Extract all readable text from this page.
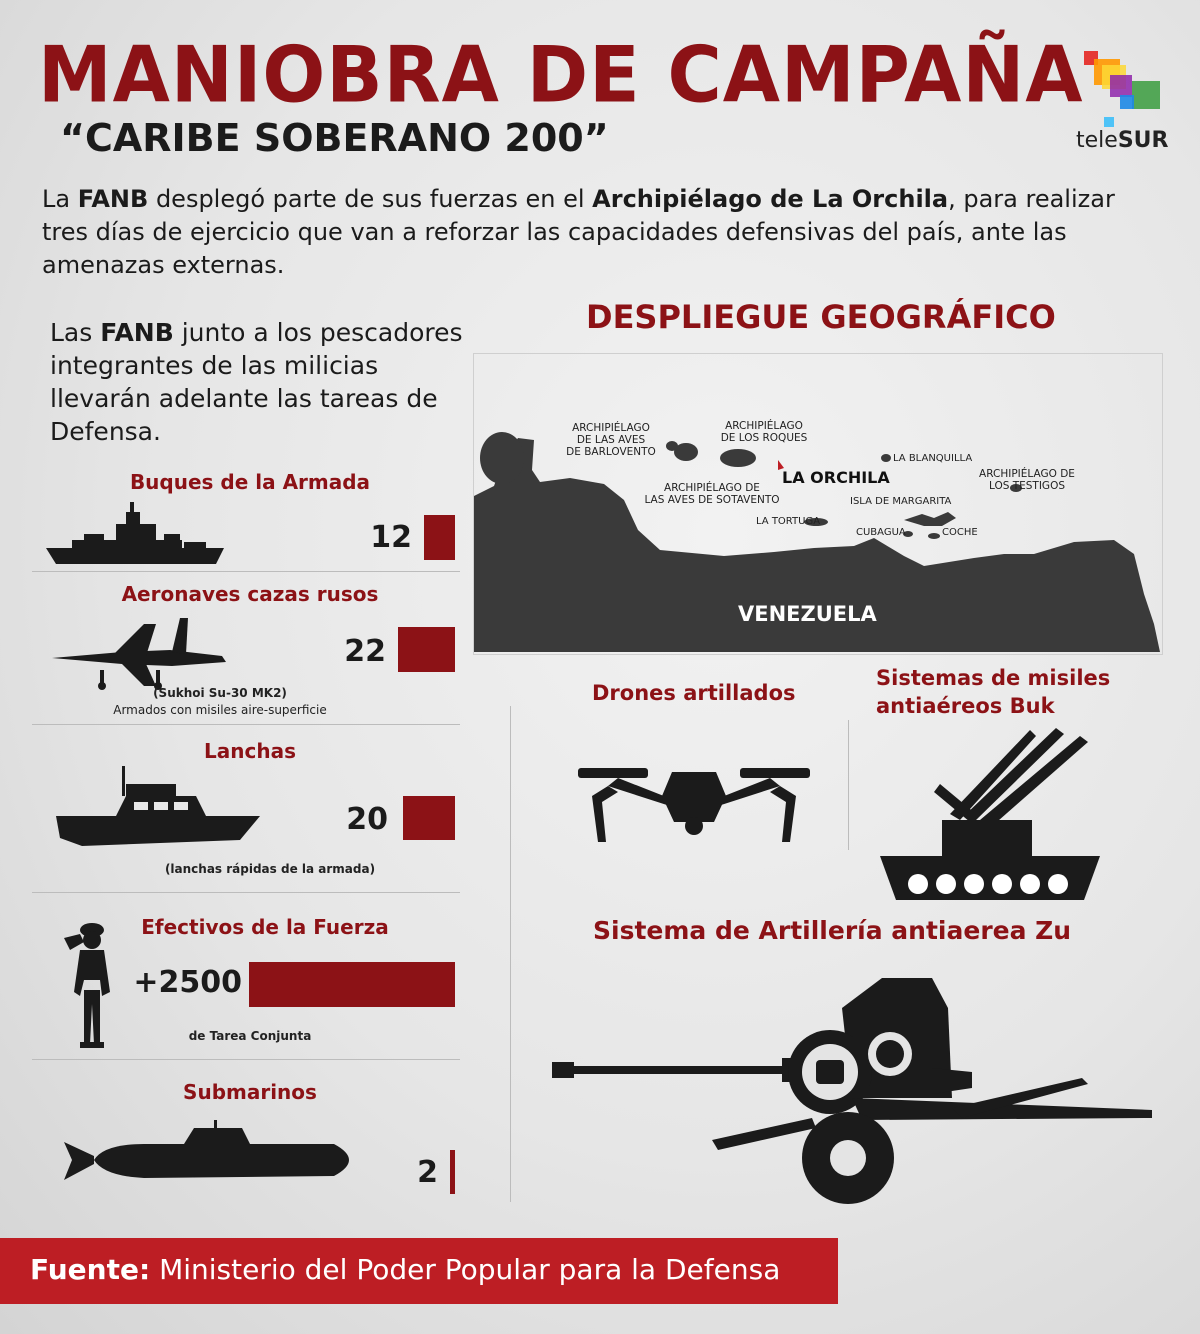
MANIOBRA DE CAMPAÑA
“CARIBE SOBERANO 200”	teleSUR
La FANB desplegó parte de sus fuerzas en el Archipiélago de La Orchila, para realizar tres días de ejercicio que van a reforzar las capacidades defensivas del país, ante las amenazas externas.
Las FANB junto a los pescadores integrantes de las milicias llevarán adelante las tareas de Defensa.
Buques de la Armada
12
Aeronaves cazas rusos
22
(Sukhoi Su-30 MK2)
Armados con misiles aire-superficie
Lanchas
20
(lanchas rápidas de la armada)
Efectivos de la Fuerza
+2500
de Tarea Conjunta
Submarinos
2
DESPLIEGUE GEOGRÁFICO
ARCHIPIÉLAGO
DE LAS AVES
DE BARLOVENTO
ARCHIPIÉLAGO
DE LOS ROQUES
LA BLANQUILLA
ARCHIPIÉLAGO DE
LOS TESTIGOS
ARCHIPIÉLAGO DE
LAS AVES DE SOTAVENTO	ISLA DE MARGARITA
LA TORTUGA
CUBAGUA	COCHE
LA ORCHILA
VENEZUELA
Drones artillados
Sistemas de misiles
antiaéreos Buk
Sistema de Artillería antiaerea Zu
Fuente: Ministerio del Poder Popular para la Defensa
